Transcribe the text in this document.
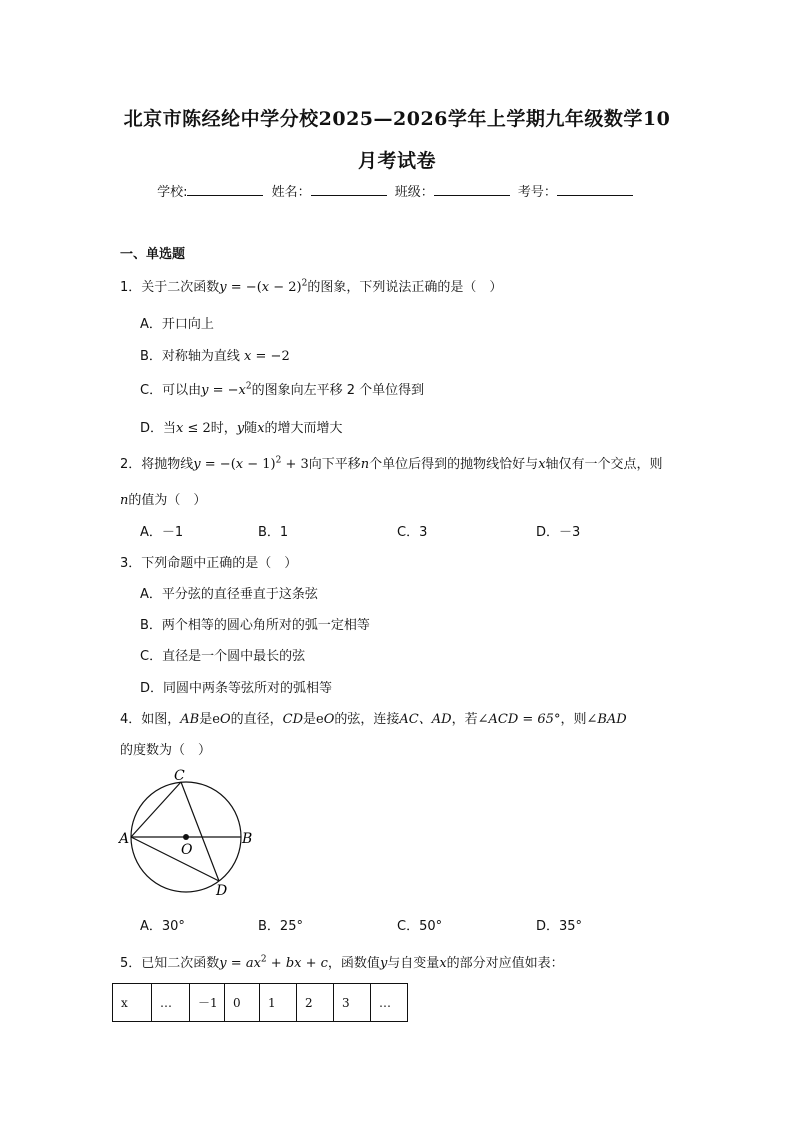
北京市陈经纶中学分校2025—2026学年上学期九年级数学10
月考试卷
学校:	姓名：	班级：	考号：
一、单选题
1．关于二次函数$y = -(x - 2)^2$的图象，下列说法正确的是（　）
A．开口向上
B．对称轴为直线 x = −2
C．可以由$y = -x^2$的图象向左平移 2 个单位得到
D．当x ≤ 2时，y随x的增大而增大
2．将抛物线$y = -(x - 1)^2 + 3$向下平移n个单位后得到的抛物线恰好与x轴仅有一个交点，则
n的值为（　）
A．－1	B．1	C．3	D．－3
3．下列命题中正确的是（　）
A．平分弦的直径垂直于这条弦
B．两个相等的圆心角所对的弧一定相等
C．直径是一个圆中最长的弦
D．同圆中两条等弦所对的弧相等
4．如图，AB是eO的直径，CD是eO的弦，连接AC、AD，若∠ACD = 65°，则∠BAD
的度数为（　）
A	B
C
D
O
A．30°	B．25°	C．50°	D．35°
5．已知二次函数$y = ax^2$ + bx + c，函数值y与自变量x的部分对应值如表：
x	…	－1	0	1	2	3	…
